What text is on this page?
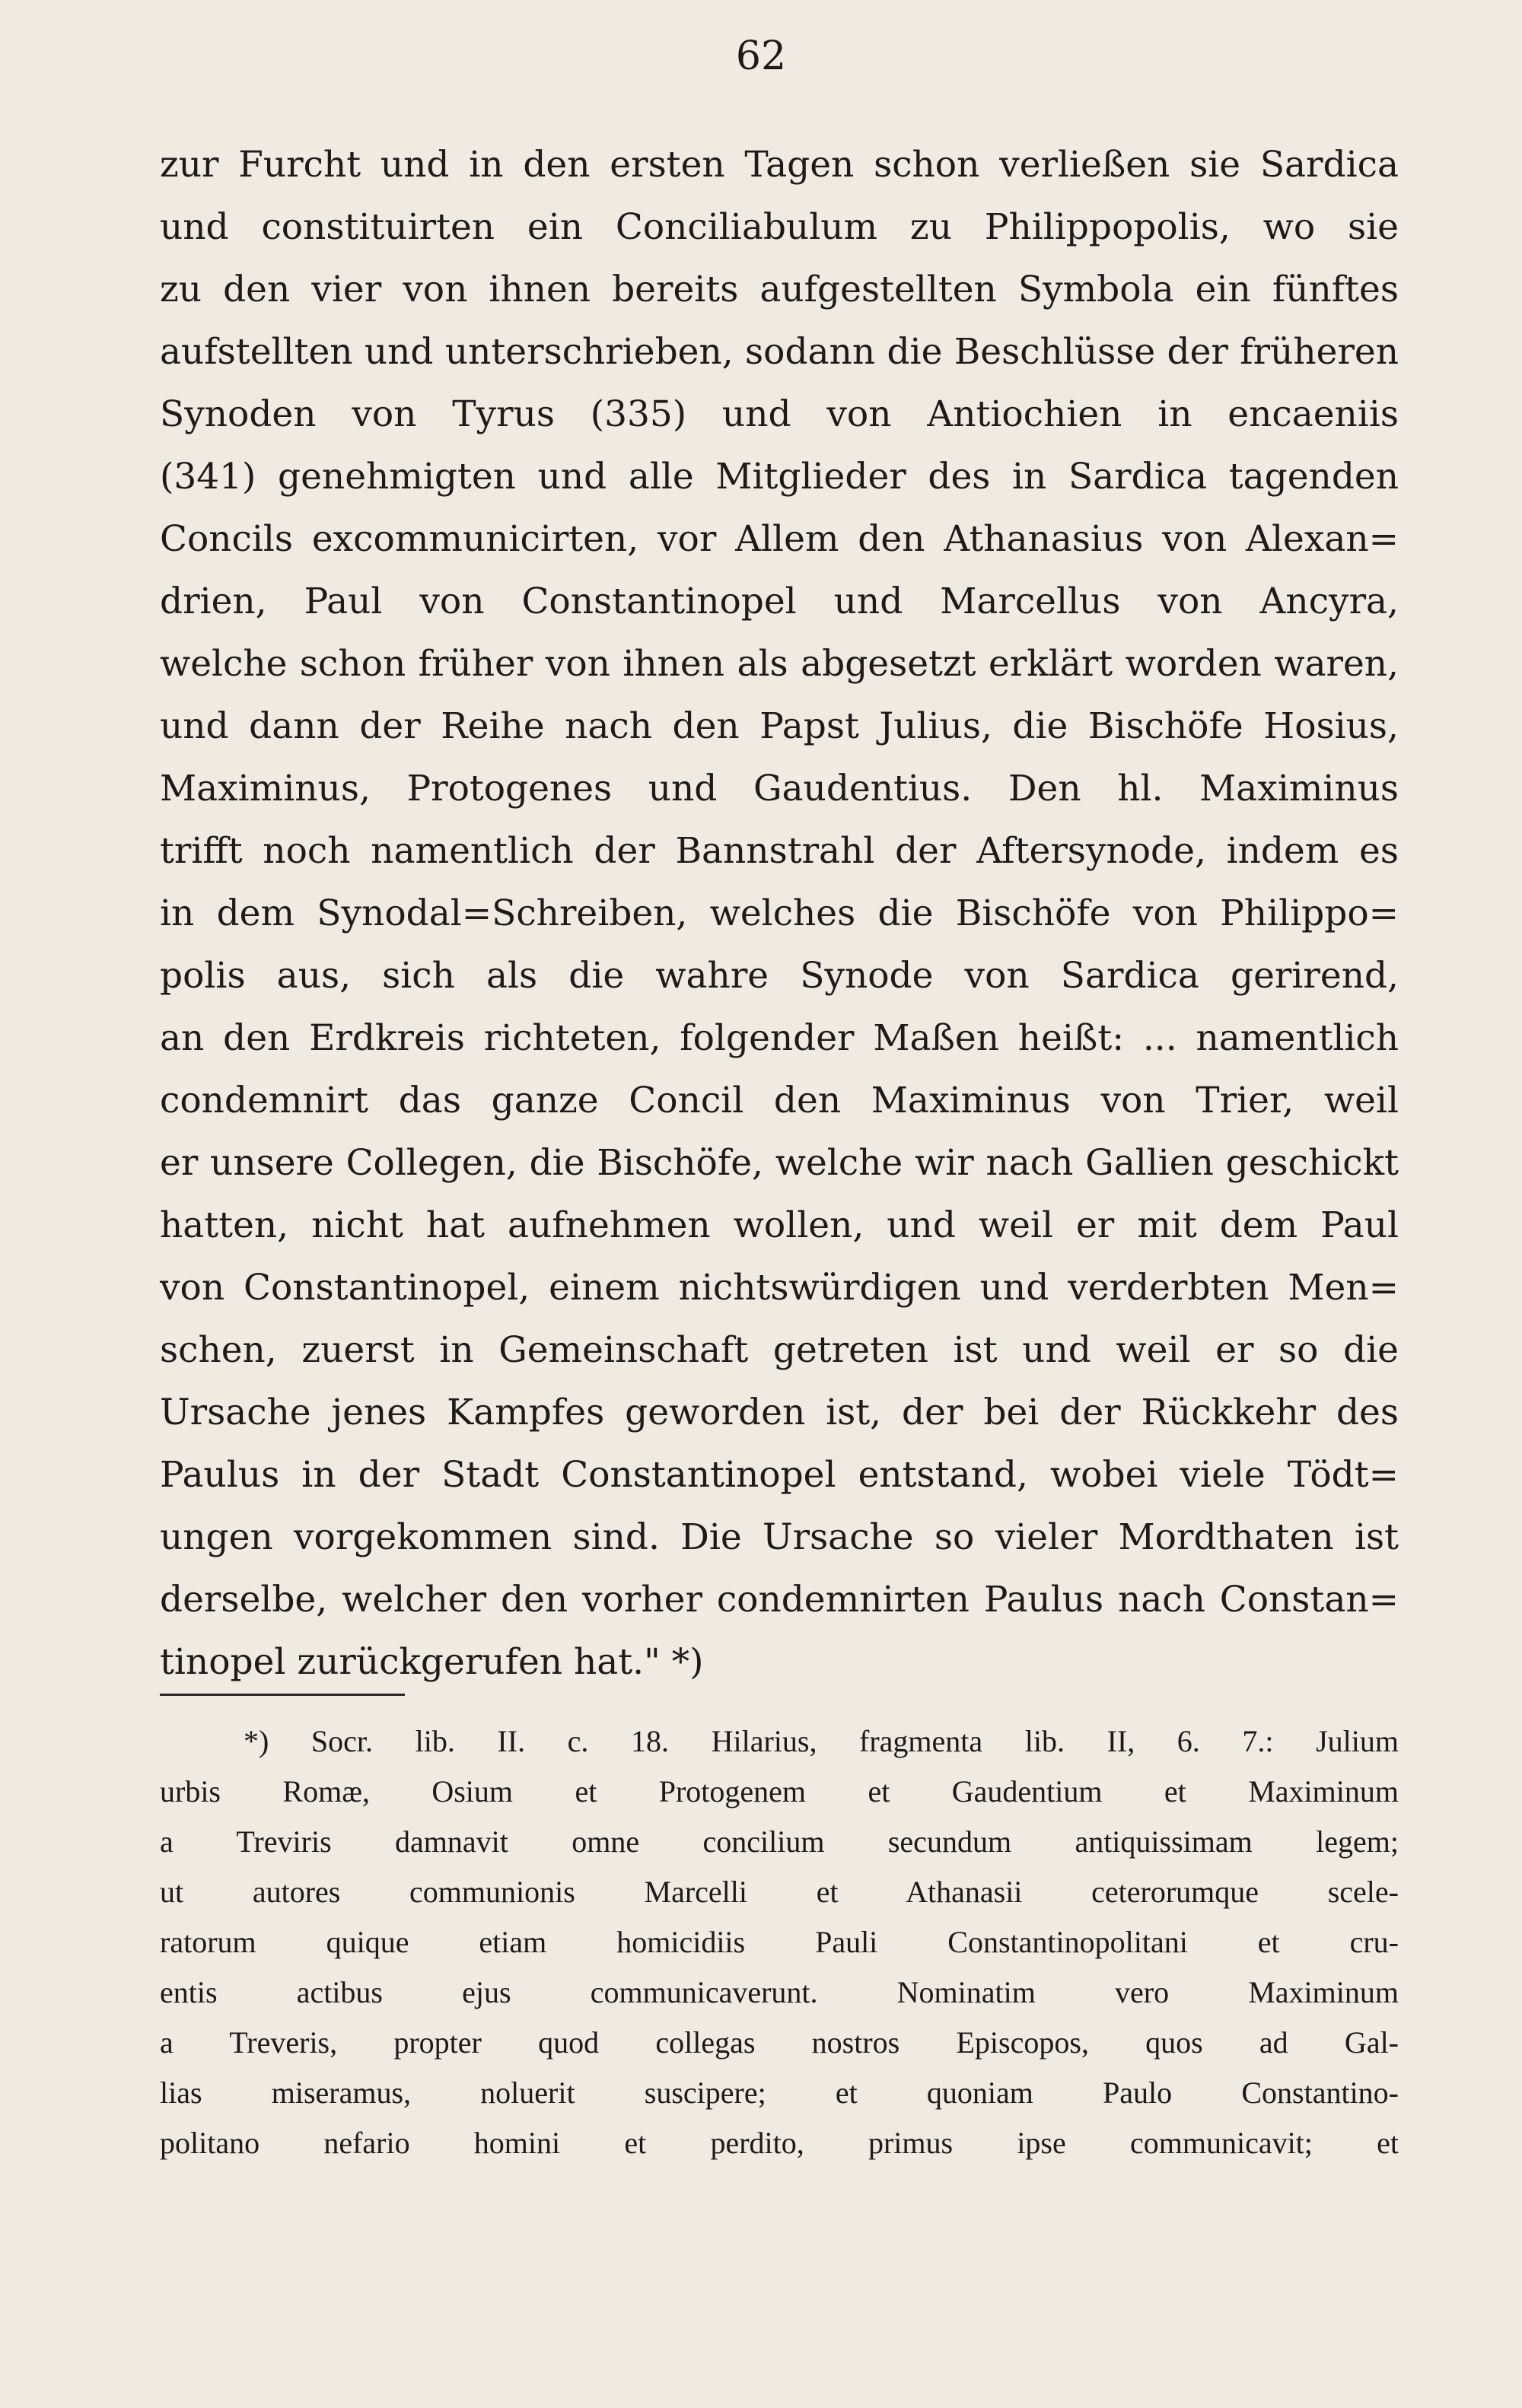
62
zur Furcht und in den ersten Tagen schon verließen sie Sardica
und constituirten ein Conciliabulum zu Philippopolis, wo sie
zu den vier von ihnen bereits aufgestellten Symbola ein fünftes
aufstellten und unterschrieben, sodann die Beschlüsse der früheren
Synoden von Tyrus (335) und von Antiochien in encaeniis
(341) genehmigten und alle Mitglieder des in Sardica tagenden
Concils excommunicirten, vor Allem den Athanasius von Alexan=
drien, Paul von Constantinopel und Marcellus von Ancyra,
welche schon früher von ihnen als abgesetzt erklärt worden waren,
und dann der Reihe nach den Papst Julius, die Bischöfe Hosius,
Maximinus, Protogenes und Gaudentius. Den hl. Maximinus
trifft noch namentlich der Bannstrahl der Aftersynode, indem es
in dem Synodal=Schreiben, welches die Bischöfe von Philippo=
polis aus, sich als die wahre Synode von Sardica gerirend,
an den Erdkreis richteten, folgender Maßen heißt: ... namentlich
condemnirt das ganze Concil den Maximinus von Trier, weil
er unsere Collegen, die Bischöfe, welche wir nach Gallien geschickt
hatten, nicht hat aufnehmen wollen, und weil er mit dem Paul
von Constantinopel, einem nichtswürdigen und verderbten Men=
schen, zuerst in Gemeinschaft getreten ist und weil er so die
Ursache jenes Kampfes geworden ist, der bei der Rückkehr des
Paulus in der Stadt Constantinopel entstand, wobei viele Tödt=
ungen vorgekommen sind. Die Ursache so vieler Mordthaten ist
derselbe, welcher den vorher condemnirten Paulus nach Constan=
tinopel zurückgerufen hat." *)
*) Socr. lib. II. c. 18. Hilarius, fragmenta lib. II, 6. 7.: Julium
urbis Romæ, Osium et Protogenem et Gaudentium et Maximinum
a Treviris damnavit omne concilium secundum antiquissimam legem;
ut autores communionis Marcelli et Athanasii ceterorumque scele-
ratorum quique etiam homicidiis Pauli Constantinopolitani et cru-
entis actibus ejus communicaverunt. Nominatim vero Maximinum
a Treveris, propter quod collegas nostros Episcopos, quos ad Gal-
lias miseramus, noluerit suscipere; et quoniam Paulo Constantino-
politano nefario homini et perdito, primus ipse communicavit; et
